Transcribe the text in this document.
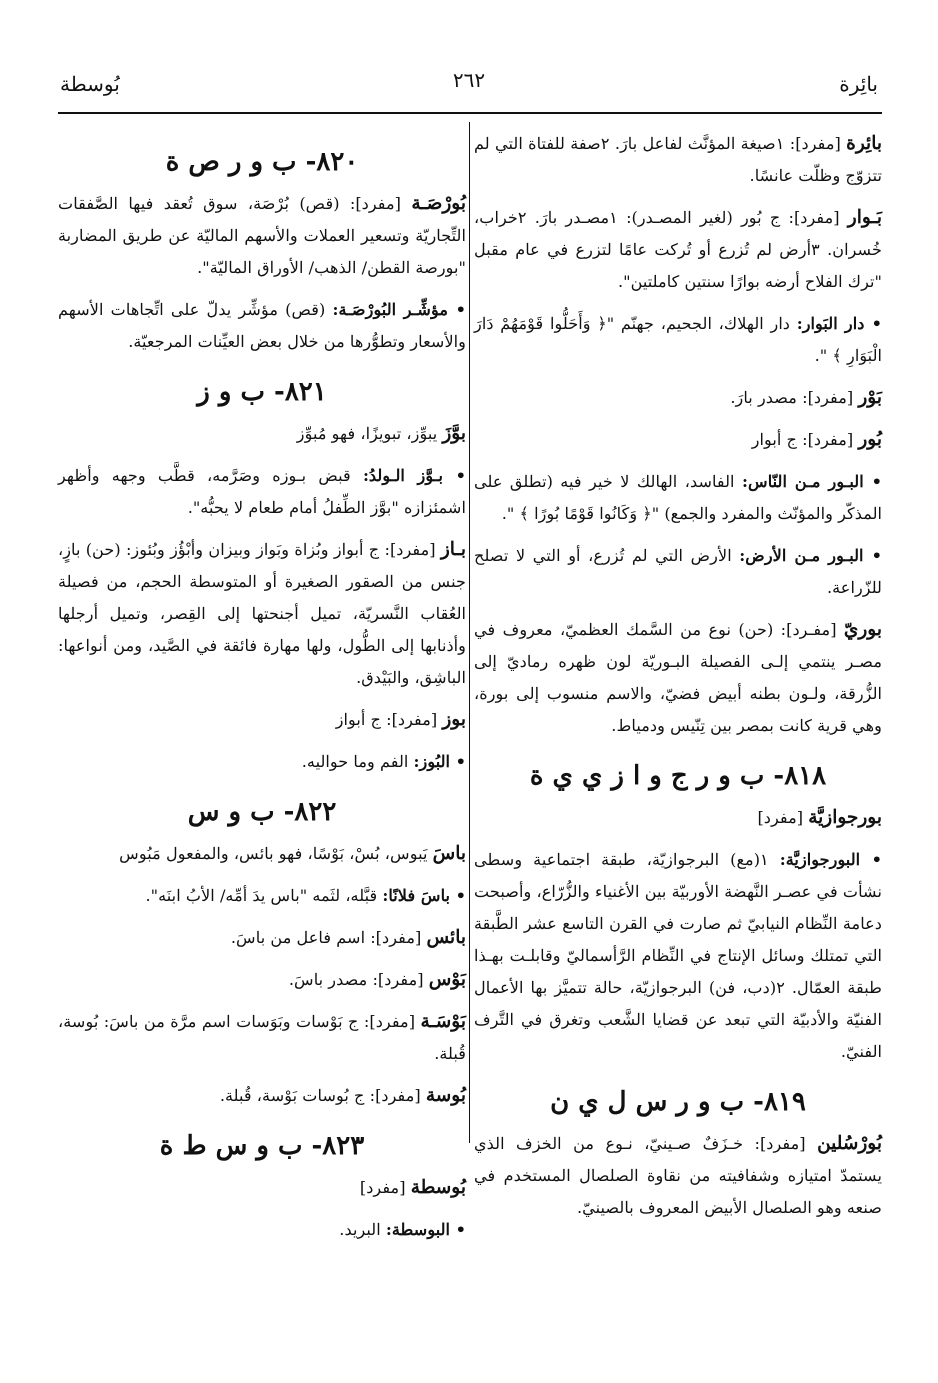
بائِرة
٢٦٢
بُوسطة
بائِرة [مفرد]: ١صيغة المؤنَّث لفاعل بارَ. ٢صفة للفتاة التي لم تتزوّج وظلّت عانسًا.
بَـوار [مفرد]: ج بُور (لغير المصـدر): ١مصـدر بارَ. ٢خراب، خُسران. ٣أرض لم تُزرع أو تُركت عامًا لتزرع في عام مقبل "ترك الفلاح أرضه بوارًا سنتين كاملتين".
• دار البَوار: دار الهلاك، الجحيم، جهنّم "﴿ وَأَحَلُّوا قَوْمَهُمْ دَارَ الْبَوَارِ ﴾ ".
بَوْر [مفرد]: مصدر بارَ.
بُور [مفرد]: ج أبوار
• البـور مـن النّاس: الفاسد، الهالك لا خير فيه (تطلق على المذكّر والمؤنّث والمفرد والجمع) "﴿ وَكَانُوا قَوْمًا بُورًا ﴾ ".
• البـور مـن الأرض: الأرض التي لم تُزرع، أو التي لا تصلح للزّراعة.
بوريّ [مفـرد]: (حن) نوع من السَّمك العظميّ، معروف في مصـر ينتمي إلـى الفصيلة البـوريّة لون ظهره رماديّ إلى الزُّرقة، ولـون بطنه أبيض فضيّ، والاسم منسوب إلى بورة، وهي قرية كانت بمصر بين تِنّيس ودمياط.
٨١٨- ب و ر ج و ا ز ي ي ة
بورجوازيَّة [مفرد]
• البورجوازيَّة: ١(مع) البرجوازيّة، طبقة اجتماعية وسطى نشأت في عصـر النَّهضة الأوربيّة بين الأغنياء والزُّرّاع، وأصبحت دعامة النِّظام النيابيّ ثم صارت في القرن التاسع عشر الطَّبقة التي تمتلك وسائل الإنتاج في النِّظام الرَّأسماليّ وقابلـت بهـذا طبقة العمّال. ٢(دب، فن) البرجوازيّة، حالة تتميَّز بها الأعمال الفنيّة والأدبيّة التي تبعد عن قضايا الشَّعب وتغرق في التَّرف الفنيّ.
٨١٩- ب و ر س ل ي ن
بُورْسُلين [مفرد]: خـزَفٌ صـينيّ، نـوع من الخزف الذي يستمدّ امتيازه وشفافيته من نقاوة الصلصال المستخدم في صنعه وهو الصلصال الأبيض المعروف بالصينيّ.
٨٢٠- ب و ر ص ة
بُورْصَـة [مفرد]: (قص) بُرْصَة، سوق تُعقد فيها الصَّفقات التِّجاريّة وتسعير العملات والأسهم الماليّة عن طريق المضاربة "بورصة القطن/ الذهب/ الأوراق الماليّة".
• مؤشِّـر البُورْصَـة: (قص) مؤشِّر يدلّ على اتِّجاهات الأسهم والأسعار وتطوُّرها من خلال بعض العيِّنات المرجعيّة.
٨٢١- ب و ز
بوَّزَ يبوِّز، تبويزًا، فهو مُبوِّز
• بـوَّز الـولدُ: قبض بـوزه وصَرَّمه، قطَّب وجهه وأظهر اشمئزازه "بوَّز الطِّفلُ أمام طعام لا يحبُّه".
بـاز [مفرد]: ج أبواز وبُزاة وبَواز وبيزان وأبْؤُز وبُئوز: (حن) بازٍ، جنس من الصقور الصغيرة أو المتوسطة الحجم، من فصيلة العُقاب النَّسريّة، تميل أجنحتها إلى القِصر، وتميل أرجلها وأذنابها إلى الطُّول، ولها مهارة فائقة في الصَّيد، ومن أنواعها: الباشِق، والبَيْدق.
بوز [مفرد]: ج أبواز
• البُوز: الفم وما حواليه.
٨٢٢- ب و س
باسَ يَبوس، بُسْ، بَوْسًا، فهو بائس، والمفعول مَبُوس
• باسَ فلانًا: قبَّله، لثَمه "باس يدَ أمِّه/ الأبُ ابنَه".
بائس [مفرد]: اسم فاعل من باسَ.
بَوْس [مفرد]: مصدر باسَ.
بَوْسَـة [مفرد]: ج بَوْسات وبَوَسات اسم مرَّة من باسَ: بُوسة، قُبلة.
بُوسة [مفرد]: ج بُوسات بَوْسة، قُبلة.
٨٢٣- ب و س ط ة
بُوسطة [مفرد]
• البوسطة: البريد.
